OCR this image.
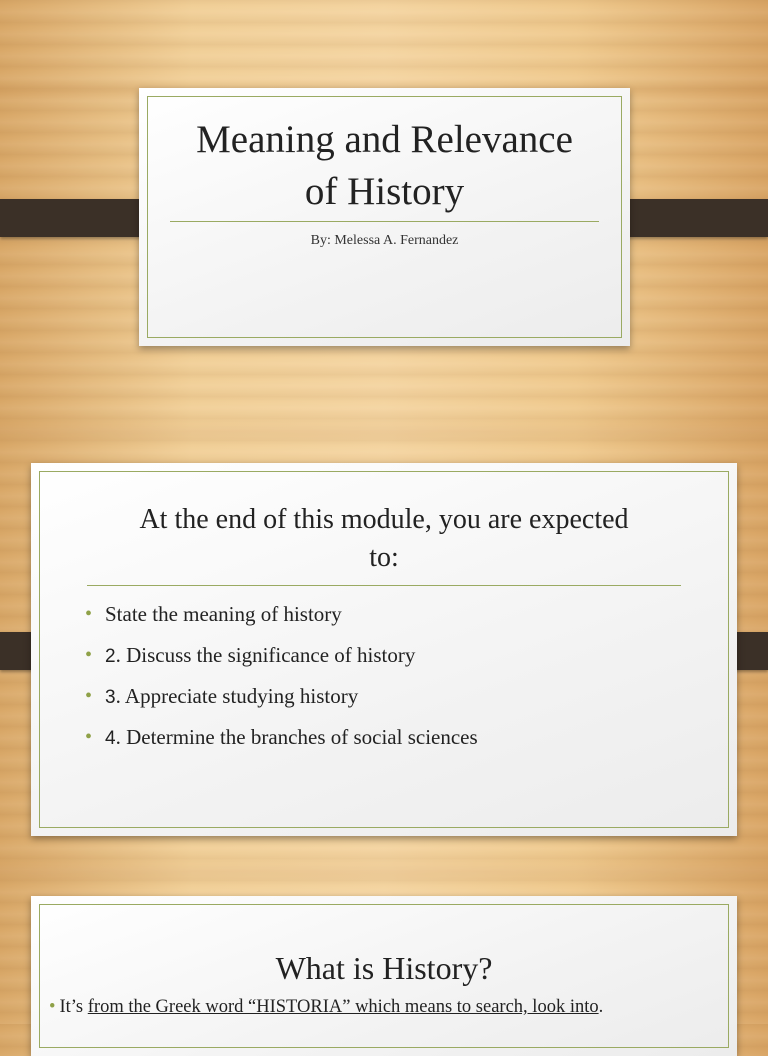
Meaning and Relevance
of History
By: Melessa A. Fernandez
At the end of this module, you are expected
to:
• State the meaning of history
• 2. Discuss the significance of history
• 3. Appreciate studying history
• 4. Determine the branches of social sciences
What is History?
• It’s from the Greek word “HISTORIA” which means to search, look into.
